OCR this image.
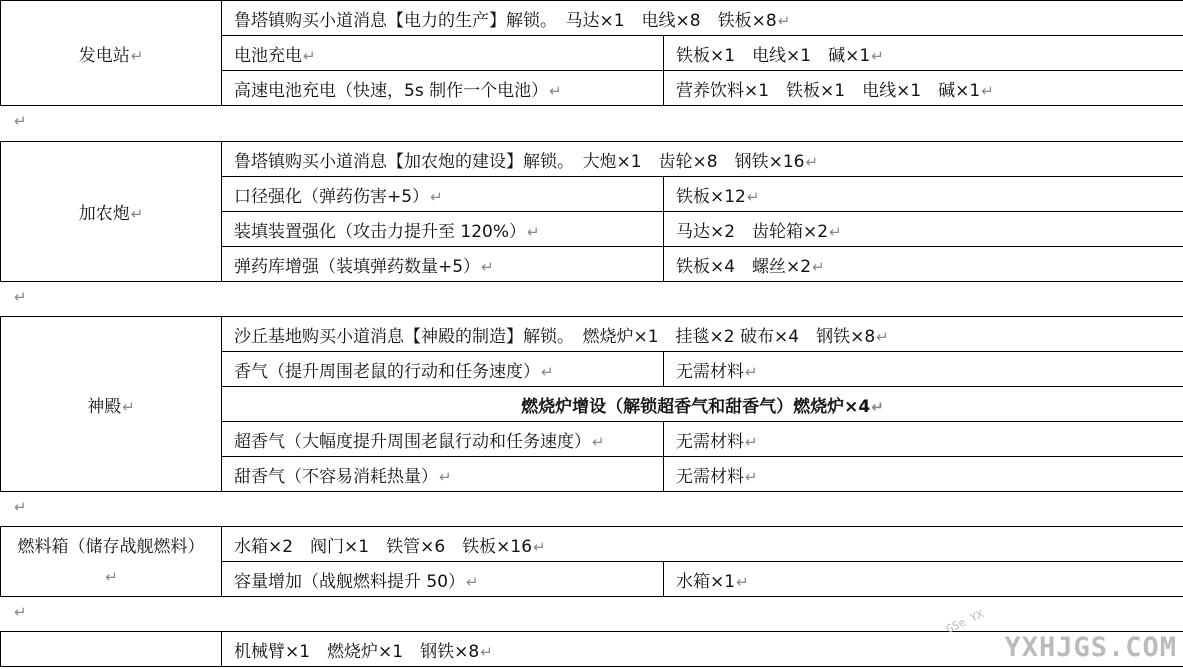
发电站↵	鲁塔镇购买小道消息【电力的生产】解锁。　马达×1　电线×8　铁板×8↵	
	电池充电↵	铁板×1　电线×1　碱×1↵
	高速电池充电（快速，5s 制作一个电池）↵	营养饮料×1　铁板×1　电线×1　碱×1↵
↵
加农炮↵	鲁塔镇购买小道消息【加农炮的建设】解锁。　大炮×1　齿轮×8　钢铁×16↵	
	口径强化（弹药伤害+5）↵	铁板×12↵
	装填装置强化（攻击力提升至 120%）↵	马达×2　齿轮箱×2↵
	弹药库增强（装填弹药数量+5）↵	铁板×4　螺丝×2↵
↵
神殿↵	沙丘基地购买小道消息【神殿的制造】解锁。　燃烧炉×1　挂毯×2 破布×4　钢铁×8↵	
	香气（提升周围老鼠的行动和任务速度）↵	无需材料↵
	燃烧炉增设（解锁超香气和甜香气）燃烧炉×4↵	
	超香气（大幅度提升周围老鼠行动和任务速度）↵	无需材料↵
	甜香气（不容易消耗热量）↵	无需材料↵
↵
燃料箱（储存战舰燃料）↵	水箱×2　阀门×1　铁管×6　铁板×16↵	
	容量增加（战舰燃料提升 50）↵	水箱×1↵
↵
	机械臂×1　燃烧炉×1　钢铁×8↵
GSe YX
YXHJGS.COM
